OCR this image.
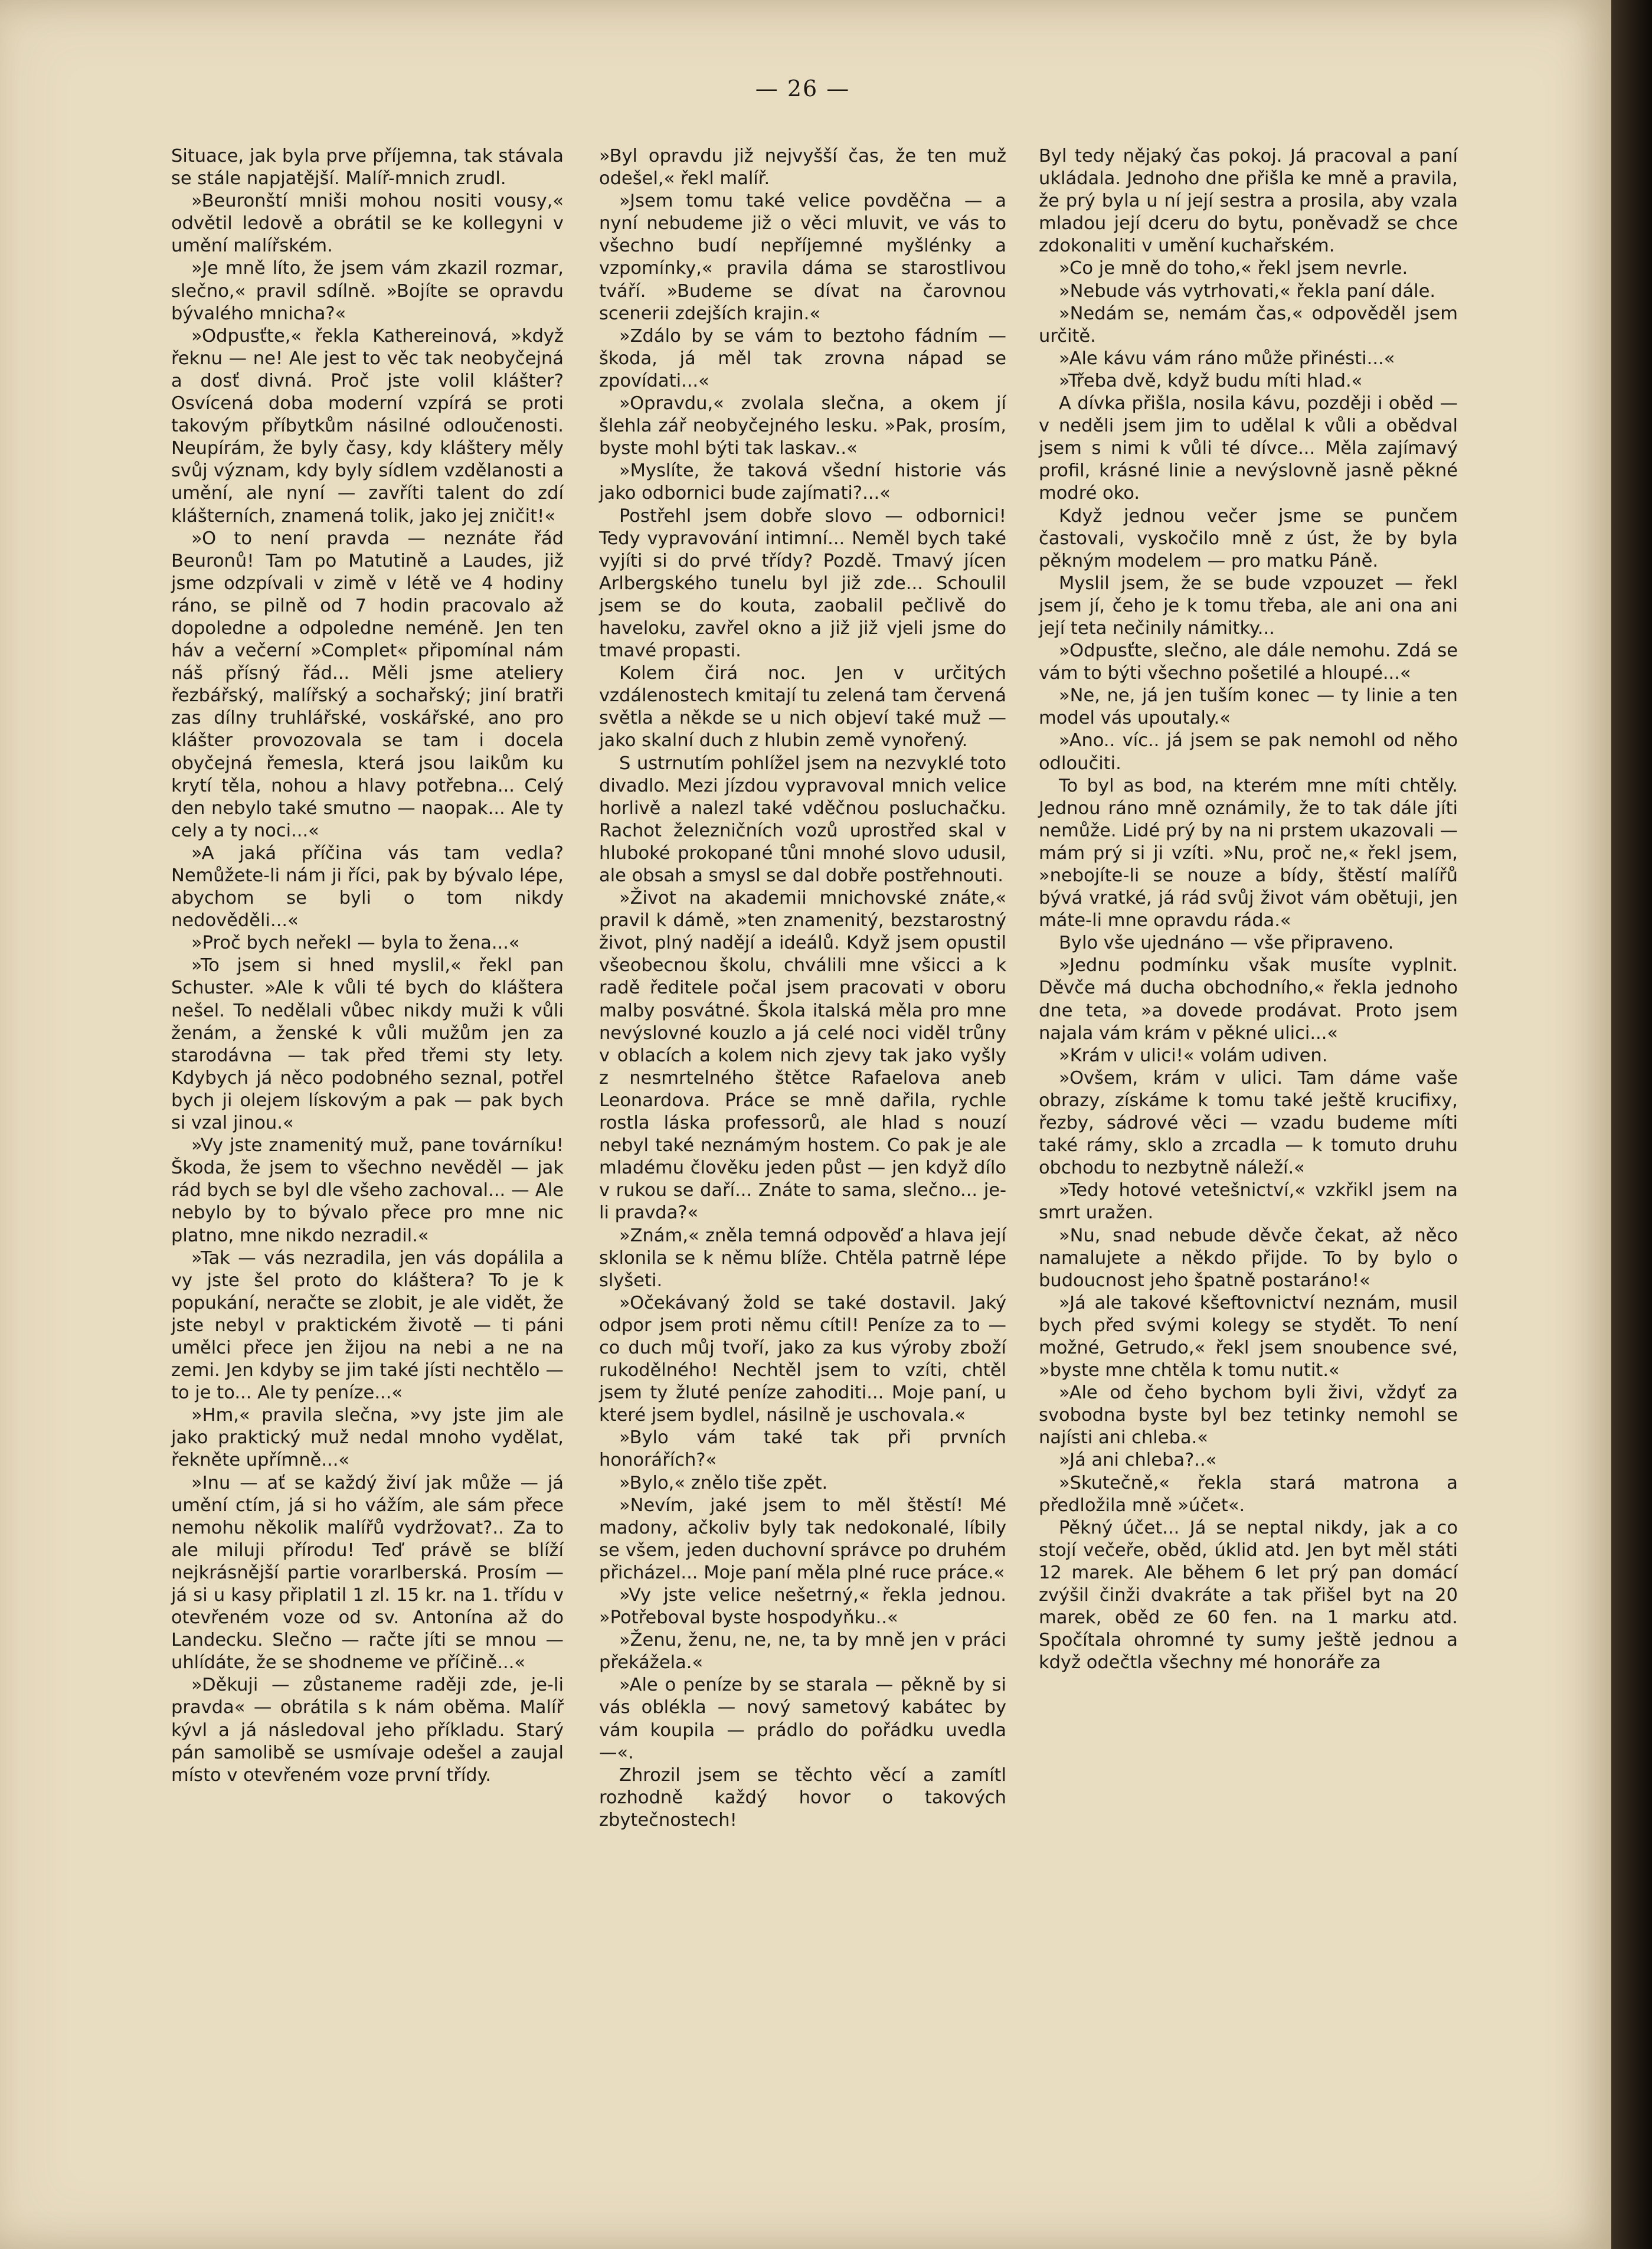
— 26 —

Situace, jak byla prve příjemna, tak stávala se stále napjatější. Malíř-mnich zrudl.

»Beuronští mniši mohou nositi vousy,« odvětil ledově a obrátil se ke kollegyni v umění malířském.

»Je mně líto, že jsem vám zkazil rozmar, slečno,« pravil sdílně. »Bojíte se opravdu bývalého mnicha?«

»Odpusťte,« řekla Kathereinová, »když řeknu — ne! Ale jest to věc tak neobyčejná a dosť divná. Proč jste volil klášter? Osvícená doba moderní vzpírá se proti takovým příbytkům násilné odloučenosti. Neupírám, že byly časy, kdy kláštery měly svůj význam, kdy byly sídlem vzdělanosti a umění, ale nyní — zavříti talent do zdí klášterních, znamená tolik, jako jej zničit!«

»O to není pravda — neznáte řád Beuronů! Tam po Matutině a Laudes, již jsme odzpívali v zimě v létě ve 4 hodiny ráno, se pilně od 7 hodin pracovalo až dopoledne a odpoledne neméně. Jen ten háv a večerní »Complet« připomínal nám náš přísný řád... Měli jsme ateliery řezbářský, malířský a sochařský; jiní bratři zas dílny truhlářské, voskářské, ano pro klášter provozovala se tam i docela obyčejná řemesla, která jsou laikům ku krytí těla, nohou a hlavy potřebna... Celý den nebylo také smutno — naopak... Ale ty cely a ty noci...«

»A jaká příčina vás tam vedla? Nemůžete-li nám ji říci, pak by bývalo lépe, abychom se byli o tom nikdy nedověděli...«

»Proč bych neřekl — byla to žena...«

»To jsem si hned myslil,« řekl pan Schuster. »Ale k vůli té bych do kláštera nešel. To nedělali vůbec nikdy muži k vůli ženám, a ženské k vůli mužům jen za starodávna — tak před třemi sty lety. Kdybych já něco podobného seznal, potřel bych ji olejem lískovým a pak — pak bych si vzal jinou.«

»Vy jste znamenitý muž, pane továrníku! Škoda, že jsem to všechno nevěděl — jak rád bych se byl dle všeho zachoval... — Ale nebylo by to bývalo přece pro mne nic platno, mne nikdo nezradil.«

»Tak — vás nezradila, jen vás dopálila a vy jste šel proto do kláštera? To je k popukání, neračte se zlobit, je ale vidět, že jste nebyl v praktickém životě — ti páni umělci přece jen žijou na nebi a ne na zemi. Jen kdyby se jim také jísti nechtělo — to je to... Ale ty peníze...«

»Hm,« pravila slečna, »vy jste jim ale jako praktický muž nedal mnoho vydělat, řekněte upřímně...«

»Inu — ať se každý živí jak může — já umění ctím, já si ho vážím, ale sám přece nemohu několik malířů vydržovat?.. Za to ale miluji přírodu! Teď právě se blíží nejkrásnější partie vorarlberská. Prosím — já si u kasy připlatil 1 zl. 15 kr. na 1. třídu v otevřeném voze od sv. Antonína až do Landecku. Slečno — račte jíti se mnou — uhlídáte, že se shodneme ve příčině...«

»Děkuji — zůstaneme raději zde, je-li pravda« — obrátila s k nám oběma. Malíř kývl a já následoval jeho příkladu. Starý pán samolibě se usmívaje odešel a zaujal místo v otevřeném voze první třídy.

»Byl opravdu již nejvyšší čas, že ten muž odešel,« řekl malíř.

»Jsem tomu také velice povděčna — a nyní nebudeme již o věci mluvit, ve vás to všechno budí nepříjemné myšlénky a vzpomínky,« pravila dáma se starostlivou tváří. »Budeme se dívat na čarovnou scenerii zdejších krajin.«

»Zdálo by se vám to beztoho fádním — škoda, já měl tak zrovna nápad se zpovídati...«

»Opravdu,« zvolala slečna, a okem jí šlehla zář neobyčejného lesku. »Pak, prosím, byste mohl býti tak laskav..«

»Myslíte, že taková všední historie vás jako odbornici bude zajímati?...«

Postřehl jsem dobře slovo — odbornici! Tedy vypravování intimní... Neměl bych také vyjíti si do prvé třídy? Pozdě. Tmavý jícen Arlbergského tunelu byl již zde... Schoulil jsem se do kouta, zaobalil pečlivě do haveloku, zavřel okno a již již vjeli jsme do tmavé propasti.

Kolem čirá noc. Jen v určitých vzdálenostech kmitají tu zelená tam červená světla a někde se u nich objeví také muž — jako skalní duch z hlubin země vynořený.

S ustrnutím pohlížel jsem na nezvyklé toto divadlo. Mezi jízdou vypravoval mnich velice horlivě a nalezl také vděčnou posluchačku. Rachot železničních vozů uprostřed skal v hluboké prokopané tůni mnohé slovo udusil, ale obsah a smysl se dal dobře postřehnouti.

»Život na akademii mnichovské znáte,« pravil k dámě, »ten znamenitý, bezstarostný život, plný nadějí a ideálů. Když jsem opustil všeobecnou školu, chválili mne všicci a k radě ředitele počal jsem pracovati v oboru malby posvátné. Škola italská měla pro mne nevýslovné kouzlo a já celé noci viděl trůny v oblacích a kolem nich zjevy tak jako vyšly z nesmrtelného štětce Rafaelova aneb Leonardova. Práce se mně dařila, rychle rostla láska professorů, ale hlad s nouzí nebyl také neznámým hostem. Co pak je ale mladému člověku jeden půst — jen když dílo v rukou se daří... Znáte to sama, slečno... je-li pravda?«

»Znám,« zněla temná odpověď a hlava její sklonila se k němu blíže. Chtěla patrně lépe slyšeti.

»Očekávaný žold se také dostavil. Jaký odpor jsem proti němu cítil! Peníze za to — co duch můj tvoří, jako za kus výroby zboží rukodělného! Nechtěl jsem to vzíti, chtěl jsem ty žluté peníze zahoditi... Moje paní, u které jsem bydlel, násilně je uschovala.«

»Bylo vám také tak při prvních honorářích?«

»Bylo,« znělo tiše zpět.

»Nevím, jaké jsem to měl štěstí! Mé madony, ačkoliv byly tak nedokonalé, líbily se všem, jeden duchovní správce po druhém přicházel... Moje paní měla plné ruce práce.«

»Vy jste velice nešetrný,« řekla jednou. »Potřeboval byste hospodyňku..«

»Ženu, ženu, ne, ne, ta by mně jen v práci překážela.«

»Ale o peníze by se starala — pěkně by si vás oblékla — nový sametový kabátec by vám koupila — prádlo do pořádku uvedla —«.

Zhrozil jsem se těchto věcí a zamítl rozhodně každý hovor o takových zbytečnostech!

Byl tedy nějaký čas pokoj. Já pracoval a paní ukládala. Jednoho dne přišla ke mně a pravila, že prý byla u ní její sestra a prosila, aby vzala mladou její dceru do bytu, poněvadž se chce zdokonaliti v umění kuchařském.

»Co je mně do toho,« řekl jsem nevrle.

»Nebude vás vytrhovati,« řekla paní dále.

»Nedám se, nemám čas,« odpověděl jsem určitě.

»Ale kávu vám ráno může přinésti...«

»Třeba dvě, když budu míti hlad.«

A dívka přišla, nosila kávu, později i oběd — v neděli jsem jim to udělal k vůli a obědval jsem s nimi k vůli té dívce... Měla zajímavý profil, krásné linie a nevýslovně jasně pěkné modré oko.

Když jednou večer jsme se punčem častovali, vyskočilo mně z úst, že by byla pěkným modelem — pro matku Páně.

Myslil jsem, že se bude vzpouzet — řekl jsem jí, čeho je k tomu třeba, ale ani ona ani její teta nečinily námitky...

»Odpusťte, slečno, ale dále nemohu. Zdá se vám to býti všechno pošetilé a hloupé...«

»Ne, ne, já jen tuším konec — ty linie a ten model vás upoutaly.«

»Ano.. víc.. já jsem se pak nemohl od něho odloučiti.

To byl as bod, na kterém mne míti chtěly. Jednou ráno mně oznámily, že to tak dále jíti nemůže. Lidé prý by na ni prstem ukazovali — mám prý si ji vzíti. »Nu, proč ne,« řekl jsem, »nebojíte-li se nouze a bídy, štěstí malířů bývá vratké, já rád svůj život vám obětuji, jen máte-li mne opravdu ráda.«

Bylo vše ujednáno — vše připraveno.

»Jednu podmínku však musíte vyplnit. Děvče má ducha obchodního,« řekla jednoho dne teta, »a dovede prodávat. Proto jsem najala vám krám v pěkné ulici...«

»Krám v ulici!« volám udiven.

»Ovšem, krám v ulici. Tam dáme vaše obrazy, získáme k tomu také ještě krucifixy, řezby, sádrové věci — vzadu budeme míti také rámy, sklo a zrcadla — k tomuto druhu obchodu to nezbytně náleží.«

»Tedy hotové vetešnictví,« vzkřikl jsem na smrt uražen.

»Nu, snad nebude děvče čekat, až něco namalujete a někdo přijde. To by bylo o budoucnost jeho špatně postaráno!«

»Já ale takové kšeftovnictví neznám, musil bych před svými kolegy se stydět. To není možné, Getrudo,« řekl jsem snoubence své, »byste mne chtěla k tomu nutit.«

»Ale od čeho bychom byli živi, vždyť za svobodna byste byl bez tetinky nemohl se najísti ani chleba.«

»Já ani chleba?..«

»Skutečně,« řekla stará matrona a předložila mně »účet«.

Pěkný účet... Já se neptal nikdy, jak a co stojí večeře, oběd, úklid atd. Jen byt měl státi 12 marek. Ale během 6 let prý pan domácí zvýšil činži dvakráte a tak přišel byt na 20 marek, oběd ze 60 fen. na 1 marku atd. Spočítala ohromné ty sumy ještě jednou a když odečtla všechny mé honoráře za
